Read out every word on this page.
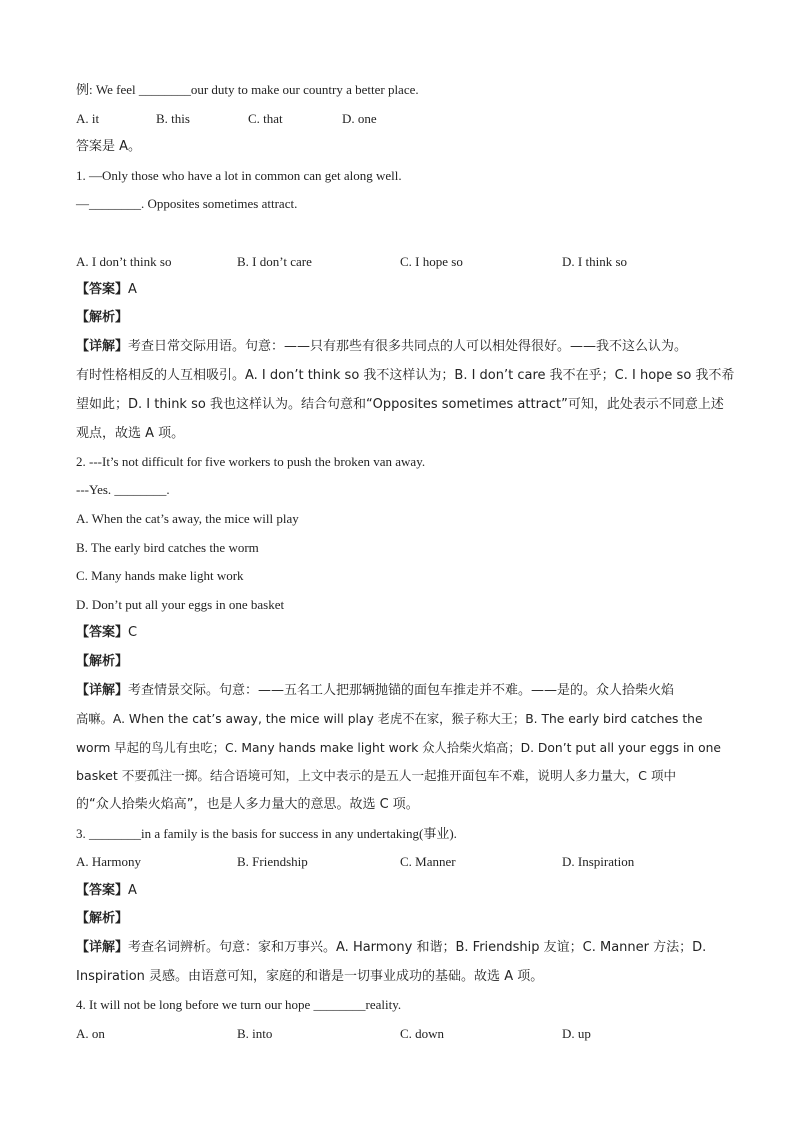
例: We feel ________our duty to make our country a better place.
A. it	B. this	C. that	D. one
答案是 A。
1. —Only those who have a lot in common can get along well.
—________. Opposites sometimes attract.
A. I don’t think so	B. I don’t care	C. I hope so	D. I think so
【答案】A
【解析】
【详解】考查日常交际用语。句意：——只有那些有很多共同点的人可以相处得很好。——我不这么认为。
有时性格相反的人互相吸引。A. I don’t think so 我不这样认为；B. I don’t care 我不在乎；C. I hope so 我不希
望如此；D. I think so 我也这样认为。结合句意和“Opposites sometimes attract”可知，此处表示不同意上述
观点，故选 A 项。
2. ---It’s not difficult for five workers to push the broken van away.
---Yes. ________.
A. When the cat’s away, the mice will play
B. The early bird catches the worm
C. Many hands make light work
D. Don’t put all your eggs in one basket
【答案】C
【解析】
【详解】考查情景交际。句意：——五名工人把那辆抛锚的面包车推走并不难。——是的。众人拾柴火焰
高嘛。A. When the cat’s away, the mice will play 老虎不在家，猴子称大王；B. The early bird catches the
worm 早起的鸟儿有虫吃；C. Many hands make light work 众人拾柴火焰高；D. Don’t put all your eggs in one
basket 不要孤注一掷。结合语境可知，上文中表示的是五人一起推开面包车不难，说明人多力量大，C 项中
的“众人拾柴火焰高”，也是人多力量大的意思。故选 C 项。
3. ________in a family is the basis for success in any undertaking(事业).
A. Harmony	B. Friendship	C. Manner	D. Inspiration
【答案】A
【解析】
【详解】考查名词辨析。句意：家和万事兴。A. Harmony 和谐；B. Friendship 友谊；C. Manner 方法；D.
Inspiration 灵感。由语意可知，家庭的和谐是一切事业成功的基础。故选 A 项。
4. It will not be long before we turn our hope ________reality.
A. on	B. into	C. down	D. up
